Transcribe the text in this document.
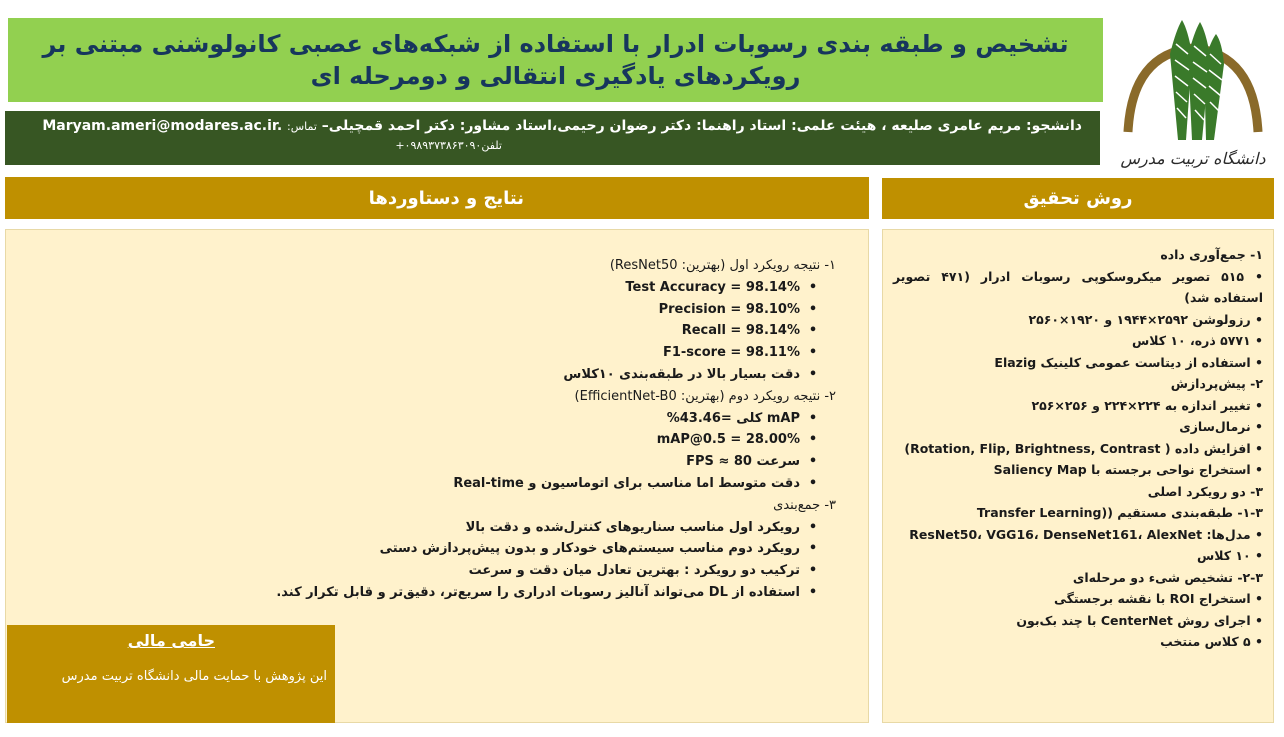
تشخیص و طبقه بندی رسوبات ادرار با استفاده از شبکه‌های عصبی کانولوشنی مبتنی بر
رویکردهای یادگیری انتقالی و دومرحله ای
دانشجو: مریم عامری صلیعه ، هیئت علمی: استاد راهنما: دکتر رضوان رحیمی،استاد مشاور: دکتر احمد قمچیلی– تماس: Maryam.ameri@modares.ac.ir.
تلفن۰۹۸۹۳۷۳۸۶۳۰۹۰+
دانشگاه تربیت مدرس
روش تحقیق
نتایج و دستاوردها
۱- جمع‌آوری داده
• ۵۱۵ تصویر میکروسکوپی رسوبات ادرار (۴۷۱ تصویر استفاده شد)
• رزولوشن ۲۵۹۲×۱۹۴۴ و ۱۹۲۰×۲۵۶۰
• ۵۷۷۱ ذره، ۱۰ کلاس
• استفاده از دیتاست عمومی کلینیک Elazig
۲- پیش‌پردازش
• تغییر اندازه به ۲۲۴×۲۲۴ و ۲۵۶×۲۵۶
• نرمال‌سازی
• افزایش داده ( Rotation, Flip, Brightness, Contrast)
• استخراج نواحی برجسته با Saliency Map
۳- دو رویکرد اصلی
۱-۳- طبقه‌بندی مستقیم ((Transfer Learning
• مدل‌ها: ResNet50، VGG16، DenseNet161، AlexNet
• ۱۰ کلاس
۲-۳- تشخیص شیء دو مرحله‌ای
• استخراج ROI با نقشه برجستگی
• اجرای روش CenterNet با چند بک‌بون
• ۵ کلاس منتخب
۱- نتیجه رویکرد اول (بهترین: ResNet50)
• Test Accuracy = 98.14%
• Precision = 98.10%
• Recall = 98.14%
• F1-score = 98.11%
• دقت بسیار بالا در طبقه‌بندی ۱۰کلاس
۲- نتیجه رویکرد دوم (بهترین: EfficientNet-B0)
• mAP کلی =43.46%
• mAP@0.5 = 28.00%
• سرعت FPS ≈ 80
• دقت متوسط اما مناسب برای اتوماسیون و Real-time
۳- جمع‌بندی
• رویکرد اول مناسب سناریوهای کنترل‌شده و دقت بالا
• رویکرد دوم مناسب سیستم‌های خودکار و بدون پیش‌پردازش دستی
• ترکیب دو رویکرد : بهترین تعادل میان دقت و سرعت
• استفاده از DL می‌تواند آنالیز رسوبات ادراری را سریع‌تر، دقیق‌تر و قابل تکرار کند.
حامی مالی
این پژوهش با حمایت مالی دانشگاه تربیت مدرس
